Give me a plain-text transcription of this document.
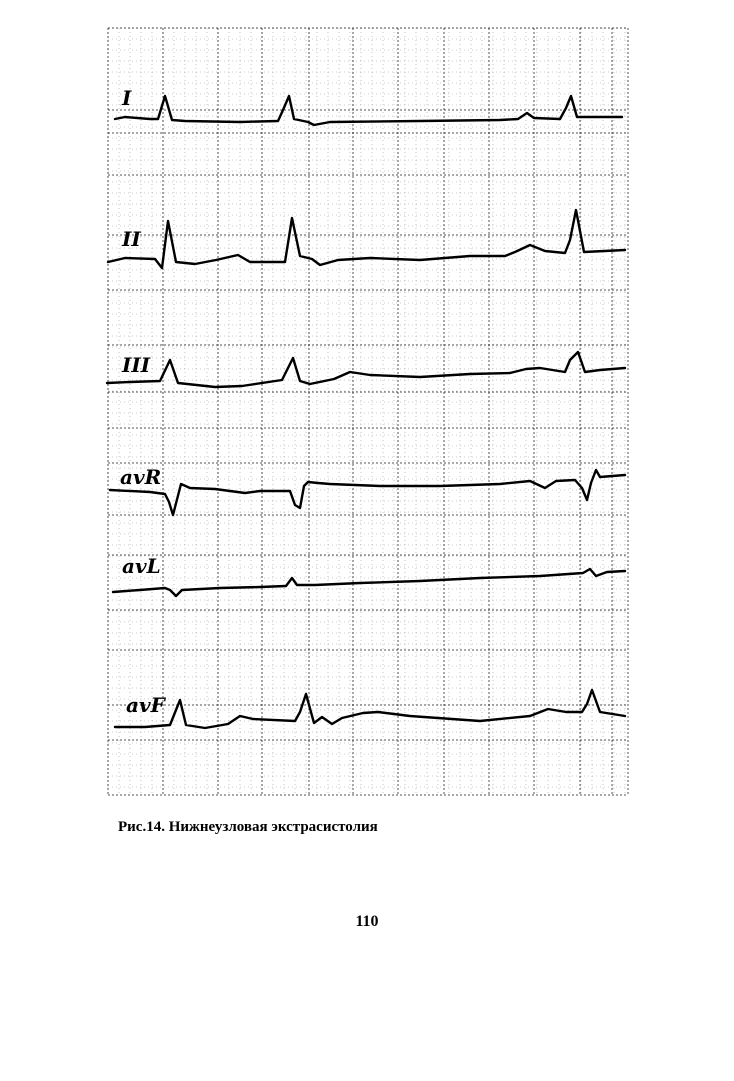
I
II
III
avR
avL
avF
Рис.14. Нижнеузловая экстрасистолия
110
